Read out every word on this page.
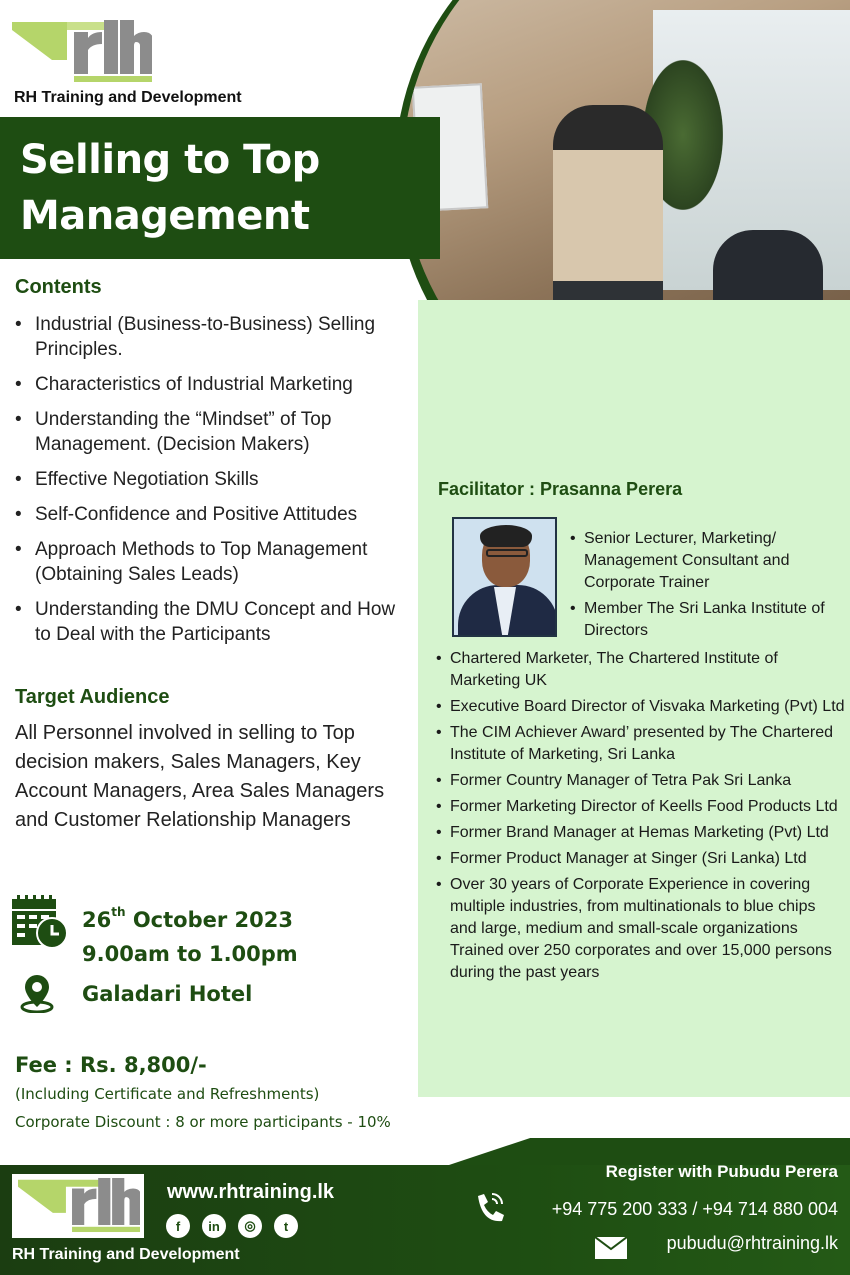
RH Training and Development
Selling to Top
Management
Contents
• Industrial (Business-to-Business) Selling Principles.
• Characteristics of Industrial Marketing
• Understanding the “Mindset” of Top Management. (Decision Makers)
• Effective Negotiation Skills
• Self-Confidence and Positive Attitudes
• Approach Methods to Top Management (Obtaining Sales Leads)
• Understanding the DMU Concept and How to Deal with the Participants
Target Audience
All Personnel involved in selling to Top decision makers, Sales Managers, Key Account Managers, Area Sales Managers and Customer Relationship Managers
26th October 2023
9.00am to 1.00pm
Galadari Hotel
Fee : Rs. 8,800/-
(Including Certificate and Refreshments)
Corporate Discount : 8 or more participants - 10%
Facilitator : Prasanna Perera
• Senior Lecturer, Marketing/ Management Consultant and Corporate Trainer
• Member The Sri Lanka Institute of Directors
• Chartered Marketer, The Chartered Institute of Marketing UK
• Executive Board Director of Visvaka Marketing (Pvt) Ltd
• The CIM Achiever Award’ presented by The Chartered Institute of Marketing, Sri Lanka
• Former Country Manager of Tetra Pak Sri Lanka
• Former Marketing Director of Keells Food Products Ltd
• Former Brand Manager at Hemas Marketing (Pvt) Ltd
• Former Product Manager at Singer (Sri Lanka) Ltd
• Over 30 years of Corporate Experience in covering multiple industries, from multinationals to blue chips and large, medium and small-scale organizations Trained over 250 corporates and over 15,000 persons during the past years
RH Training and Development
www.rhtraining.lk
f	in	◎	t
Register with Pubudu Perera
+94 775 200 333 / +94 714 880 004
pubudu@rhtraining.lk
